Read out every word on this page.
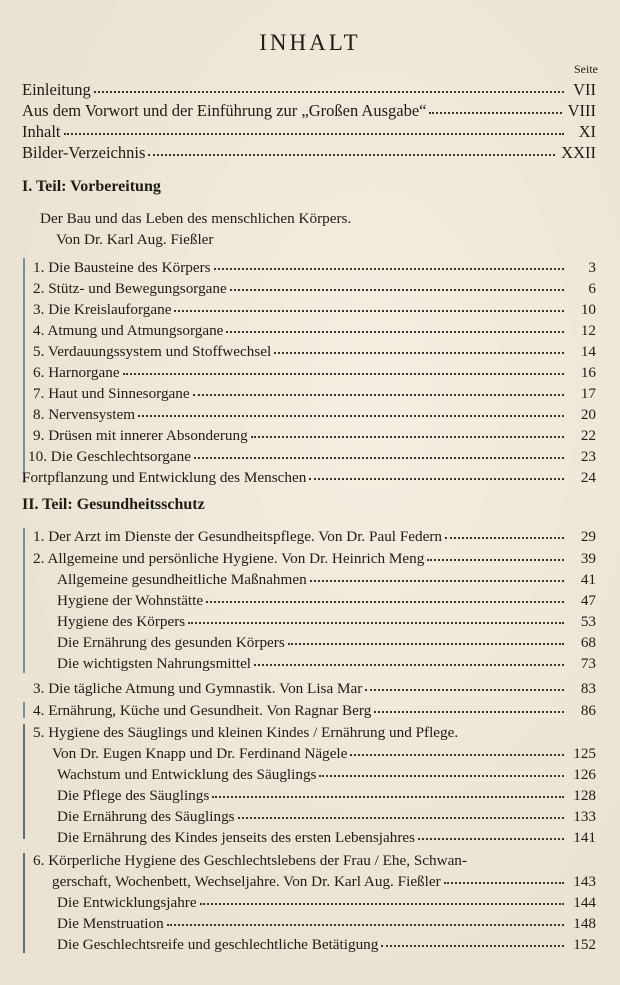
INHALT
Seite
Einleitung	VII
Aus dem Vorwort und der Einführung zur „Großen Ausgabe“	VIII
Inhalt	XI
Bilder-Verzeichnis	XXII
I. Teil: Vorbereitung
Der Bau und das Leben des menschlichen Körpers.
Von Dr. Karl Aug. Fießler
1. Die Bausteine des Körpers	3
2. Stütz- und Bewegungsorgane	6
3. Die Kreislauforgane	10
4. Atmung und Atmungsorgane	12
5. Verdauungssystem und Stoffwechsel	14
6. Harnorgane	16
7. Haut und Sinnesorgane	17
8. Nervensystem	20
9. Drüsen mit innerer Absonderung	22
10. Die Geschlechtsorgane	23
Fortpflanzung und Entwicklung des Menschen	24
II. Teil: Gesundheitsschutz
1. Der Arzt im Dienste der Gesundheitspflege. Von Dr. Paul Federn	29
2. Allgemeine und persönliche Hygiene. Von Dr. Heinrich Meng	39
Allgemeine gesundheitliche Maßnahmen	41
Hygiene der Wohnstätte	47
Hygiene des Körpers	53
Die Ernährung des gesunden Körpers	68
Die wichtigsten Nahrungsmittel	73
3. Die tägliche Atmung und Gymnastik. Von Lisa Mar	83
4. Ernährung, Küche und Gesundheit. Von Ragnar Berg	86
5. Hygiene des Säuglings und kleinen Kindes / Ernährung und Pflege.
Von Dr. Eugen Knapp und Dr. Ferdinand Nägele	125
Wachstum und Entwicklung des Säuglings	126
Die Pflege des Säuglings	128
Die Ernährung des Säuglings	133
Die Ernährung des Kindes jenseits des ersten Lebensjahres	141
6. Körperliche Hygiene des Geschlechtslebens der Frau / Ehe, Schwan-
gerschaft, Wochenbett, Wechseljahre. Von Dr. Karl Aug. Fießler	143
Die Entwicklungsjahre	144
Die Menstruation	148
Die Geschlechtsreife und geschlechtliche Betätigung	152
